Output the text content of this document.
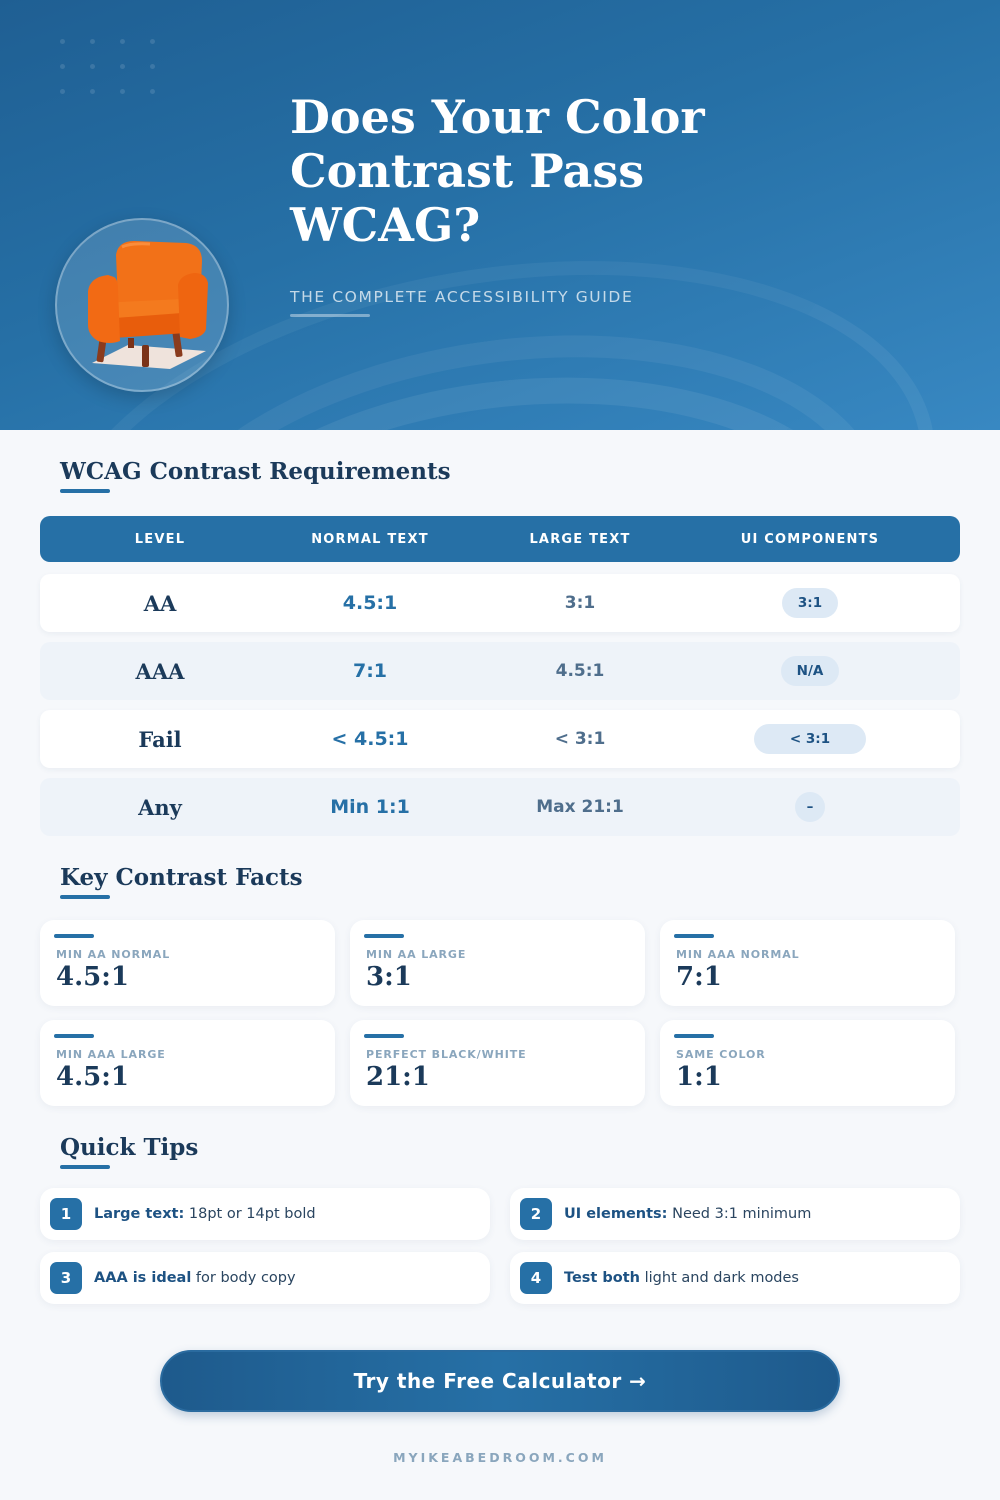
Does Your Color Contrast Pass WCAG?
THE COMPLETE ACCESSIBILITY GUIDE
WCAG Contrast Requirements
LEVEL	NORMAL TEXT	LARGE TEXT	UI COMPONENTS
AA	4.5:1	3:1	3:1
AAA	7:1	4.5:1	N/A
Fail	< 4.5:1	< 3:1	< 3:1
Any	Min 1:1	Max 21:1	–
Key Contrast Facts
MIN AA NORMAL
4.5:1
MIN AA LARGE
3:1
MIN AAA NORMAL
7:1
MIN AAA LARGE
4.5:1
PERFECT BLACK/WHITE
21:1
SAME COLOR
1:1
Quick Tips
1	Large text: 18pt or 14pt bold	2	UI elements: Need 3:1 minimum
3	AAA is ideal for body copy	4	Test both light and dark modes
Try the Free Calculator →
MYIKEABEDROOM.COM
